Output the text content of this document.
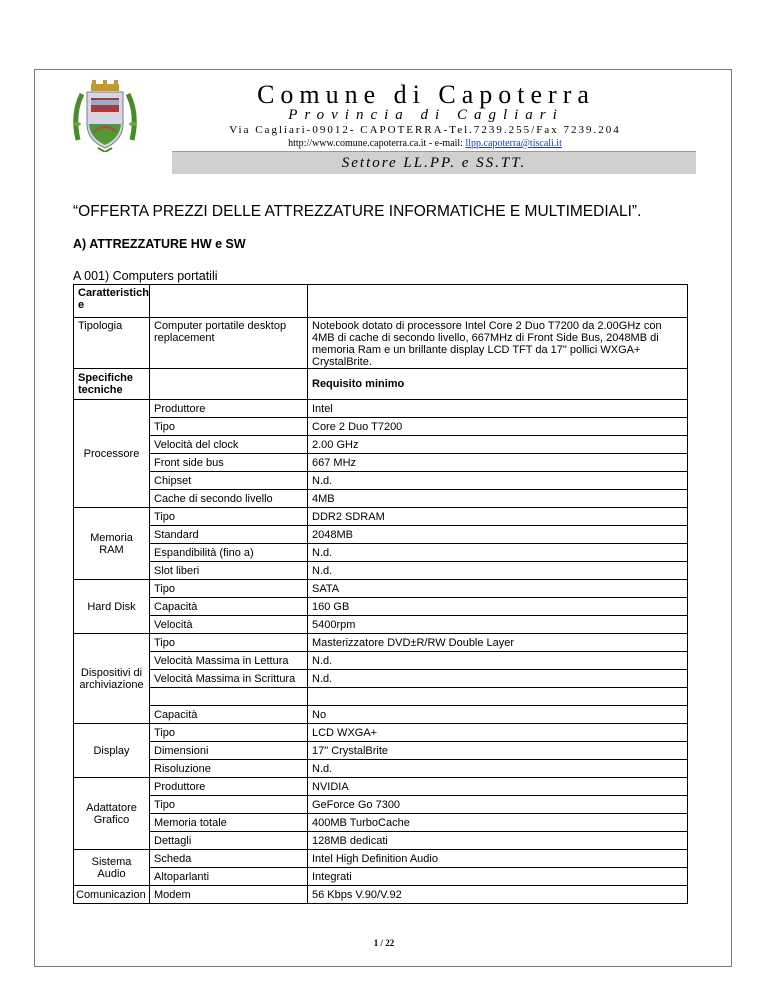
Comune di Capoterra
Provincia di Cagliari
Via Cagliari-09012- CAPOTERRA-Tel.7239.255/Fax 7239.204
http://www.comune.capoterra.ca.it - e-mail: llpp.capoterra@tiscali.it
Settore LL.PP. e SS.TT.
“OFFERTA PREZZI DELLE ATTREZZATURE INFORMATICHE E MULTIMEDIALI”.
A) ATTREZZATURE HW e SW
A 001) Computers portatili
Caratteristich e		
Tipologia	Computer portatile desktop replacement	Notebook dotato di processore Intel Core 2 Duo T7200 da 2.00GHz con 4MB di cache di secondo livello, 667MHz di Front Side Bus, 2048MB di memoria Ram e un brillante display LCD TFT da 17" pollici WXGA+ CrystalBrite.
Specifiche tecniche		Requisito minimo
Processore	Produttore	Intel
	Tipo	Core 2 Duo T7200
	Velocità del clock	2.00 GHz
	Front side bus	667 MHz
	Chipset	N.d.
	Cache di secondo livello	4MB
Memoria RAM	Tipo	DDR2 SDRAM
	Standard	2048MB
	Espandibilità (fino a)	N.d.
	Slot liberi	N.d.
Hard Disk	Tipo	SATA
	Capacità	160 GB
	Velocità	5400rpm
Dispositivi di archiviazione	Tipo	Masterizzatore DVD±R/RW Double Layer
	Velocità Massima in Lettura	N.d.
	Velocità Massima in Scrittura	N.d.

	Capacità	No
Display	Tipo	LCD WXGA+
	Dimensioni	17" CrystalBrite
	Risoluzione	N.d.
Adattatore Grafico	Produttore	NVIDIA
	Tipo	GeForce Go 7300
	Memoria totale	400MB TurboCache
	Dettagli	128MB dedicati
Sistema Audio	Scheda	Intel High Definition Audio
	Altoparlanti	Integrati
Comunicazion	Modem	56 Kbps V.90/V.92
1 / 22
